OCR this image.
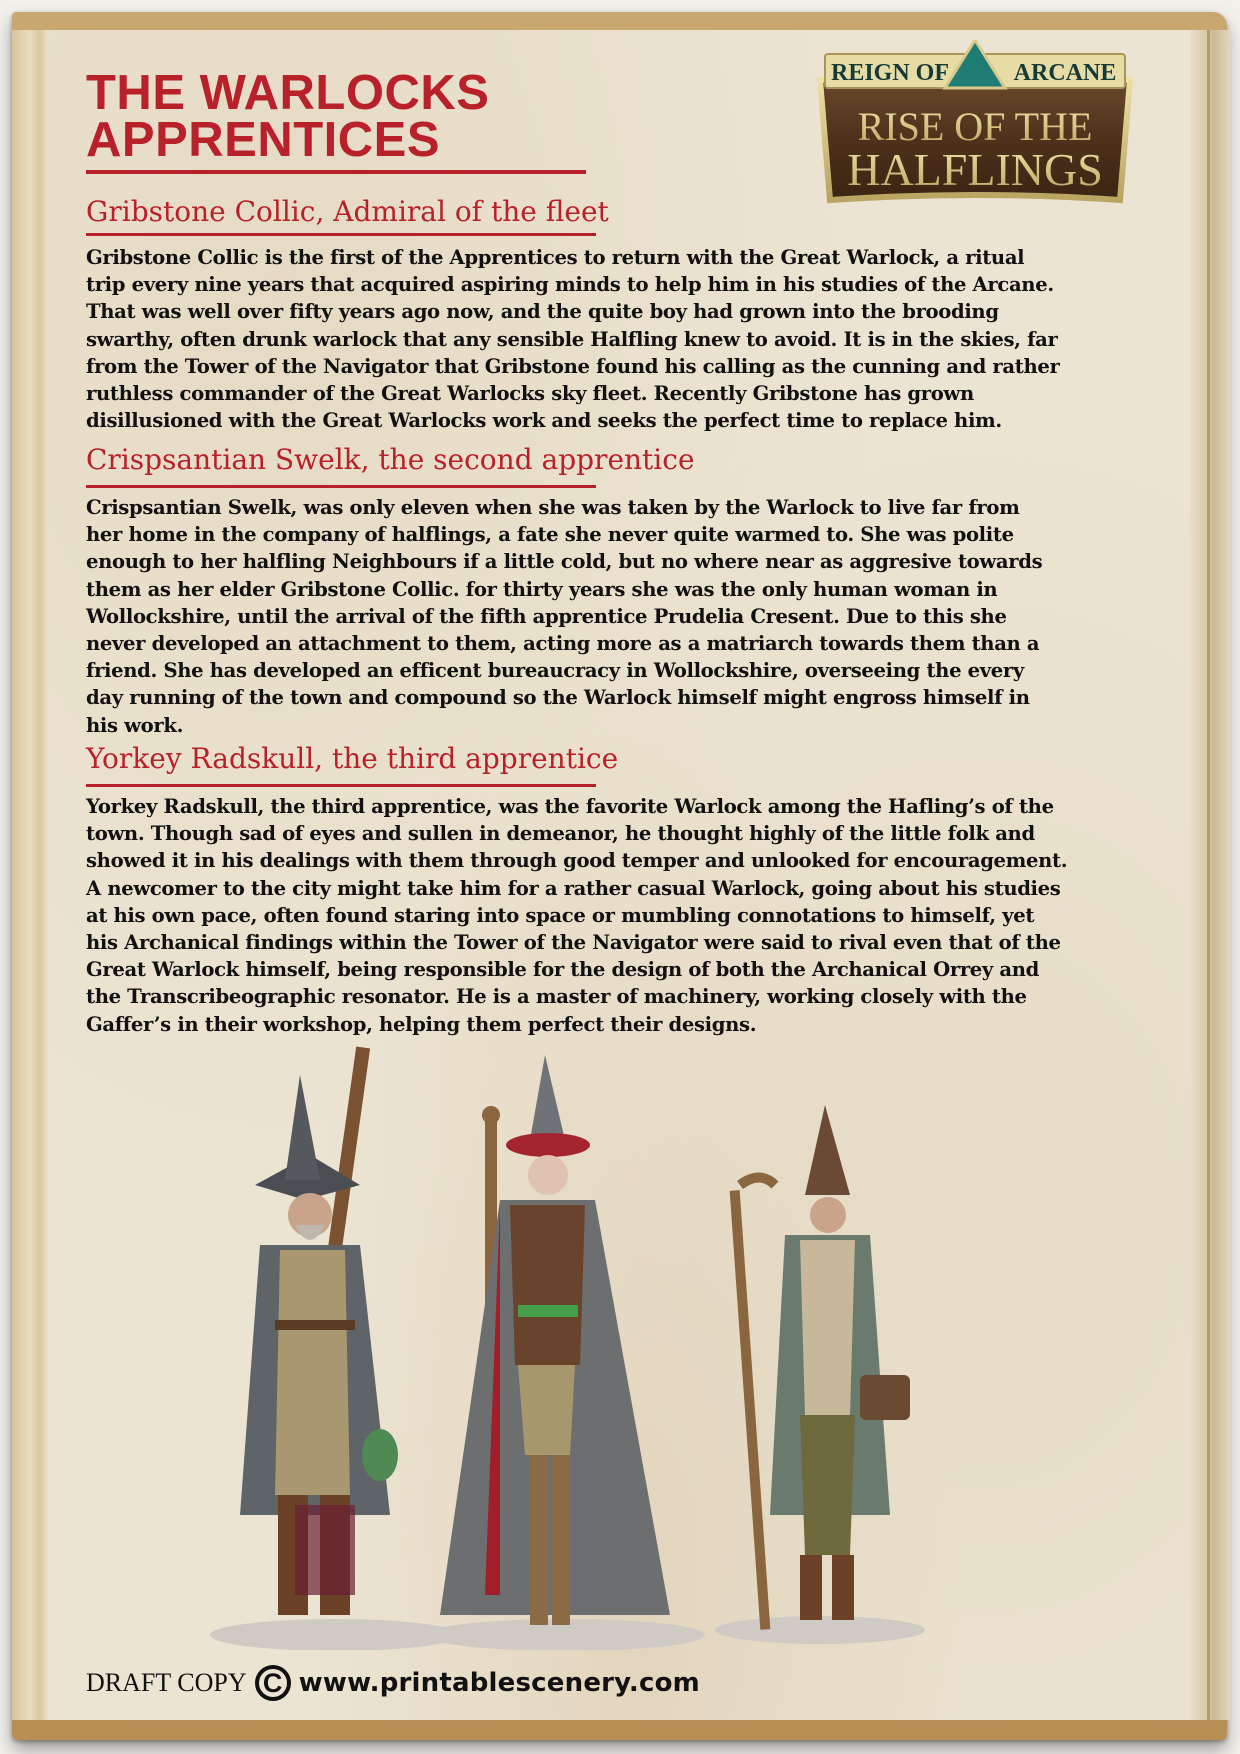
THE WARLOCKS
APPRENTICES
REIGN OF	ARCANE
RISE OF THE
HALFLINGS
Gribstone Collic, Admiral of the fleet

Gribstone Collic is the first of the Apprentices to return with the Great Warlock, a ritual
trip every nine years that acquired aspiring minds to help him in his studies of the Arcane.
That was well over fifty years ago now, and the quite boy had grown into the brooding
swarthy, often drunk warlock that any sensible Halfling knew to avoid. It is in the skies, far
from the Tower of the Navigator that Gribstone found his calling as the cunning and rather
ruthless commander of the Great Warlocks sky fleet. Recently Gribstone has grown
disillusioned with the Great Warlocks work and seeks the perfect time to replace him.

Crispsantian Swelk, the second apprentice

Crispsantian Swelk, was only eleven when she was taken by the Warlock to live far from
her home in the company of halflings, a fate she never quite warmed to. She was polite
enough to her halfling Neighbours if a little cold, but no where near as aggresive towards
them as her elder Gribstone Collic. for thirty years she was the only human woman in
Wollockshire, until the arrival of the fifth apprentice Prudelia Cresent. Due to this she
never developed an attachment to them, acting more as a matriarch towards them than a
friend. She has developed an efficent bureaucracy in Wollockshire, overseeing the every
day running of the town and compound so the Warlock himself might engross himself in
his work.

Yorkey Radskull, the third apprentice

Yorkey Radskull, the third apprentice, was the favorite Warlock among the Hafling’s of the
town. Though sad of eyes and sullen in demeanor, he thought highly of the little folk and
showed it in his dealings with them through good temper and unlooked for encouragement.
A newcomer to the city might take him for a rather casual Warlock, going about his studies
at his own pace, often found staring into space or mumbling connotations to himself, yet
his Archanical findings within the Tower of the Navigator were said to rival even that of the
Great Warlock himself, being responsible for the design of both the Archanical Orrey and
the Transcribeographic resonator. He is a master of machinery, working closely with the
Gaffer’s in their workshop, helping them perfect their designs.

DRAFT COPY C www.printablescenery.com
